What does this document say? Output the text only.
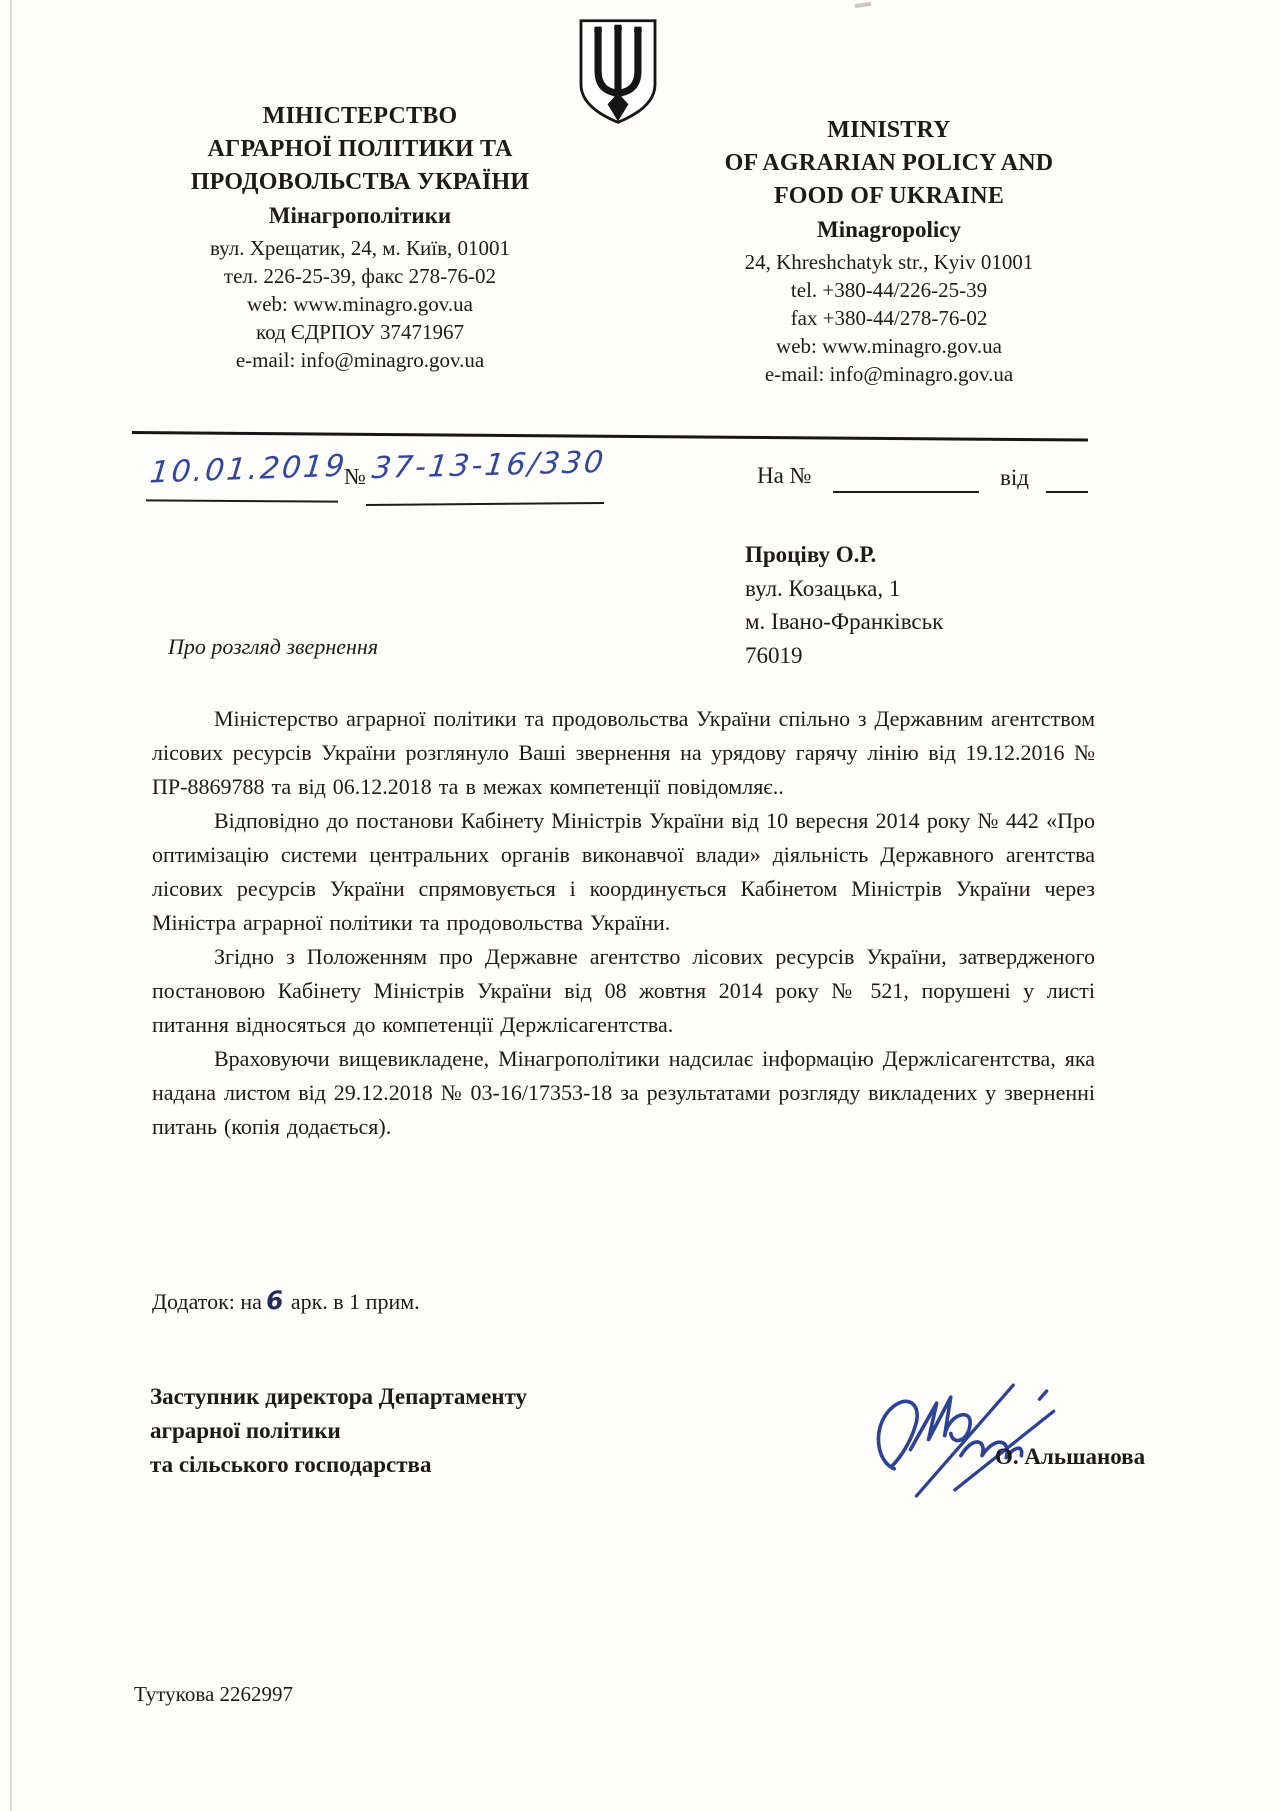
МІНІСТЕРСТВО
АГРАРНОЇ ПОЛІТИКИ ТА
ПРОДОВОЛЬСТВА УКРАЇНИ
Мінагрополітики
вул. Хрещатик, 24, м. Київ, 01001
тел. 226-25-39, факс 278-76-02
web: www.minagro.gov.ua
код ЄДРПОУ 37471967
e-mail: info@minagro.gov.ua
MINISTRY
OF AGRARIAN POLICY AND
FOOD OF UKRAINE
Minagropolicy
24, Khreshchatyk str., Kyiv 01001
tel. +380-44/226-25-39
fax +380-44/278-76-02
web: www.minagro.gov.ua
e-mail: info@minagro.gov.ua
10.01.2019
№ 37-13-16/330	На №	від
Проціву О.Р.
вул. Козацька, 1
м. Івано-Франківськ
76019
Про розгляд звернення

Міністерство аграрної політики та продовольства України спільно з Державним агентством лісових ресурсів України розглянуло Ваші звернення на урядову гарячу лінію від 19.12.2016 № ПР-8869788 та від 06.12.2018 та в межах компетенції повідомляє..

Відповідно до постанови Кабінету Міністрів України від 10 вересня 2014 року № 442 «Про оптимізацію системи центральних органів виконавчої влади» діяльність Державного агентства лісових ресурсів України спрямовується і координується Кабінетом Міністрів України через Міністра аграрної політики та продовольства України.

Згідно з Положенням про Державне агентство лісових ресурсів України, затвердженого постановою Кабінету Міністрів України від 08 жовтня 2014 року № 521, порушені у листі питання відносяться до компетенції Держлісагентства.

Враховуючи вищевикладене, Мінагрополітики надсилає інформацію Держлісагентства, яка надана листом від 29.12.2018 № 03-16/17353-18 за результатами розгляду викладених у зверненні питань (копія додається).

Додаток: на 6 арк. в 1 прим.
Заступник директора Департаменту
аграрної політики
та сільського господарства	О. Альшанова
Тутукова 2262997
